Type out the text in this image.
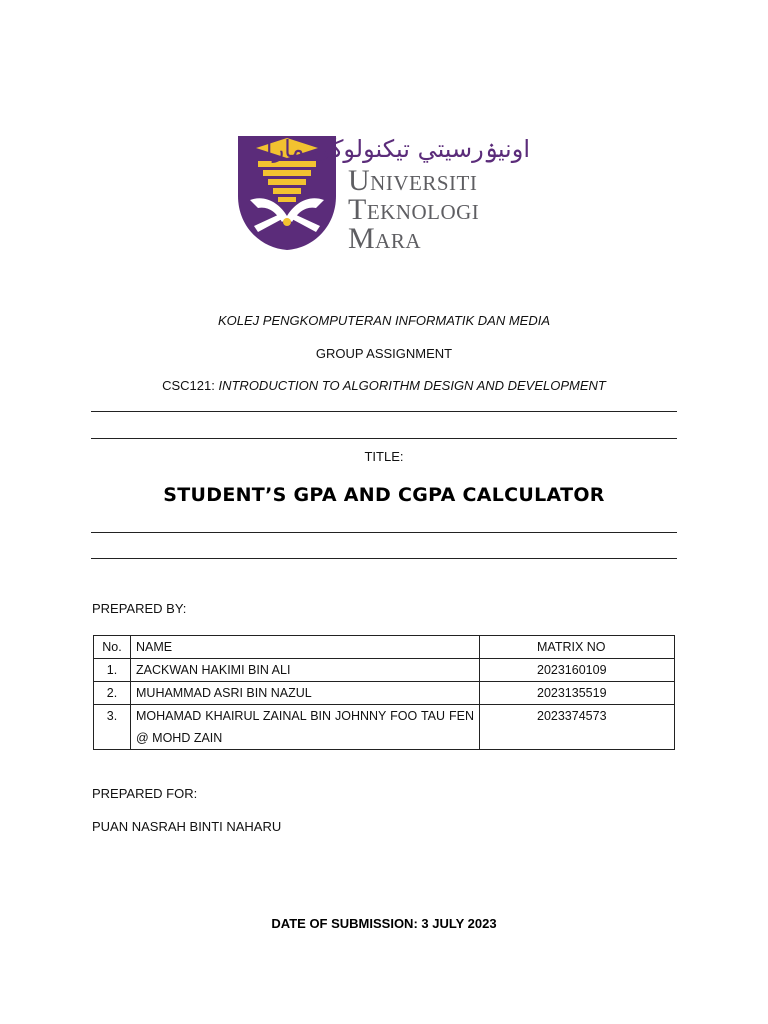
اونيۏرسيتي تيكنولوڬي مارا
Universiti
Teknologi
Mara
KOLEJ PENGKOMPUTERAN INFORMATIK DAN MEDIA
GROUP ASSIGNMENT
CSC121: INTRODUCTION TO ALGORITHM DESIGN AND DEVELOPMENT
TITLE:
STUDENT’S GPA AND CGPA CALCULATOR
PREPARED BY:
No.	NAME	MATRIX NO
1.	ZACKWAN HAKIMI BIN ALI	2023160109
2.	MUHAMMAD ASRI BIN NAZUL	2023135519
3.	MOHAMAD KHAIRUL ZAINAL BIN JOHNNY FOO TAU FEN @ MOHD ZAIN	2023374573
PREPARED FOR:
PUAN NASRAH BINTI NAHARU
DATE OF SUBMISSION: 3 JULY 2023
